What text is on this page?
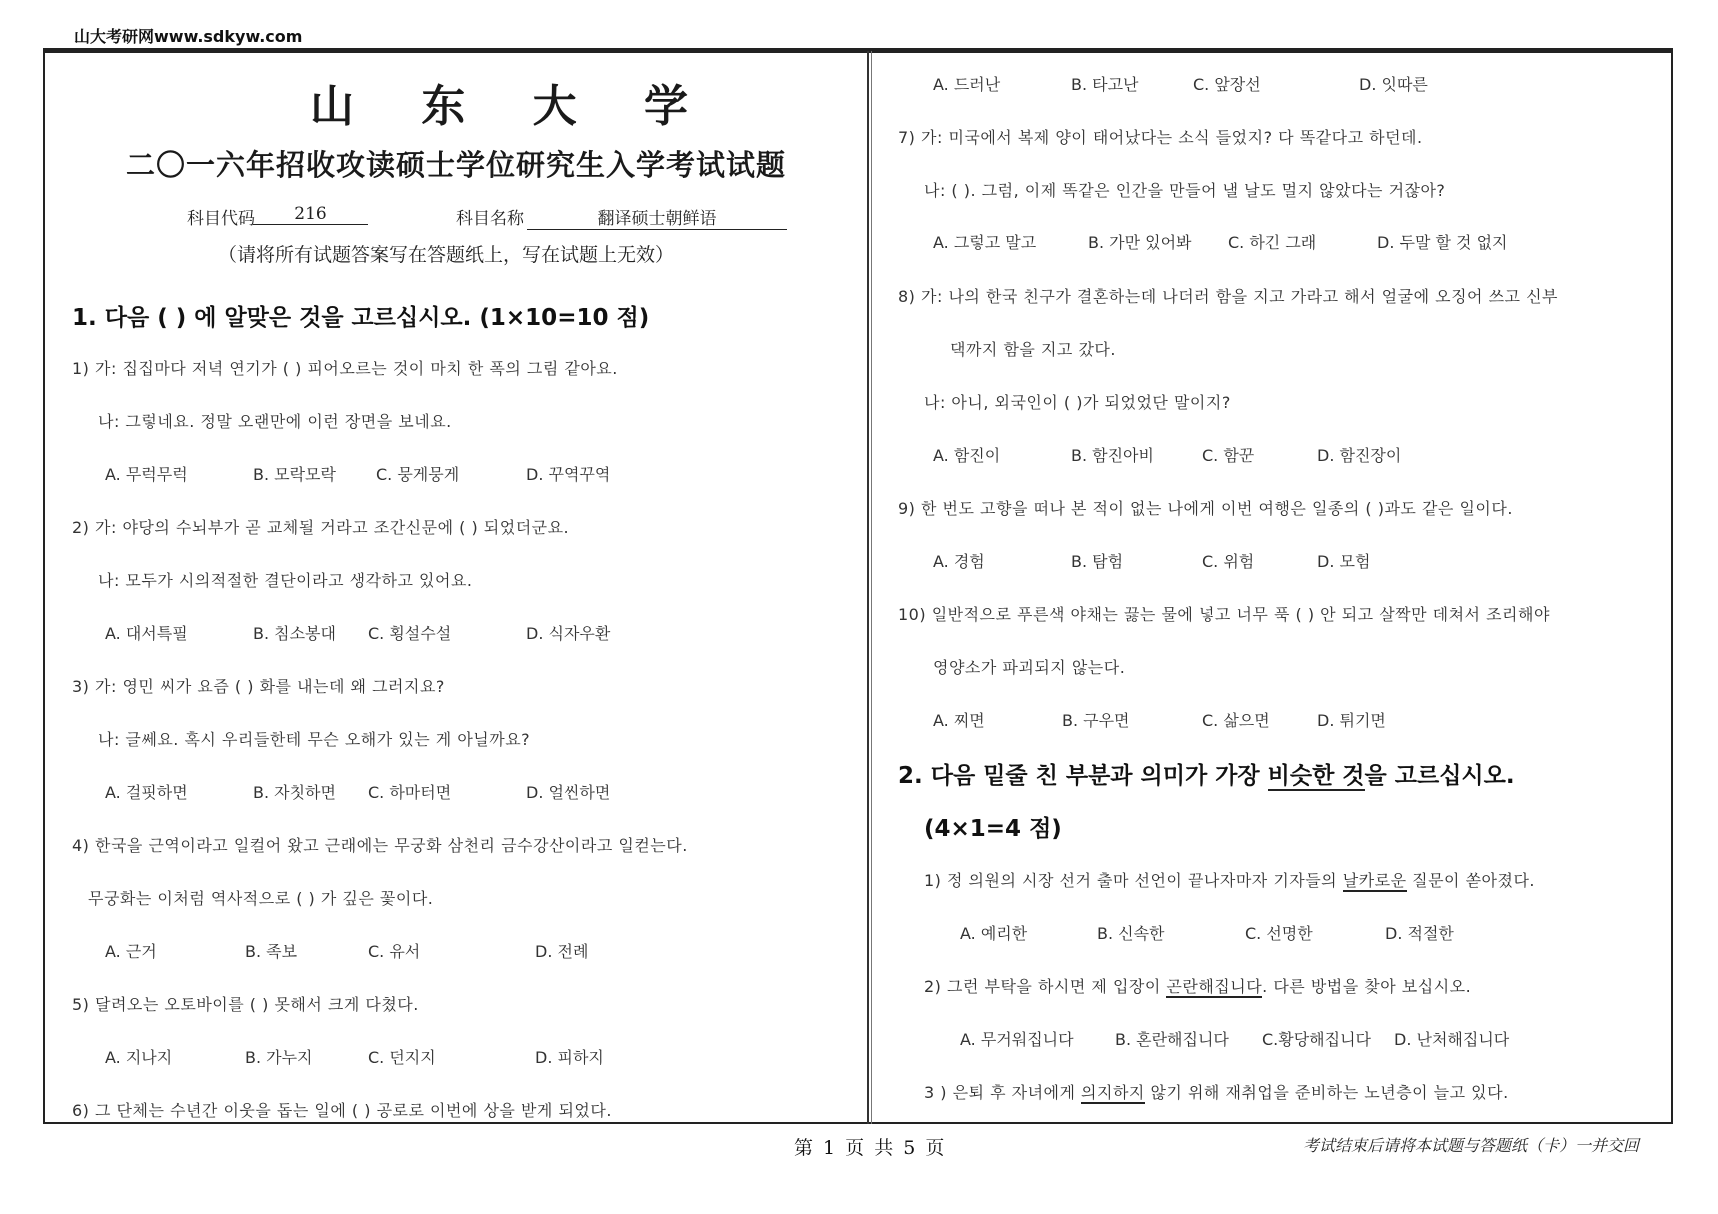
山大考研网www.sdkyw.com
山 东 大 学
二〇一六年招收攻读硕士学位研究生入学考试试题
科目代码	216	科目名称	翻译硕士朝鲜语
（请将所有试题答案写在答题纸上，写在试题上无效）
1. 다음 ( ) 에 알맞은 것을 고르십시오. (1×10=10 점)
1) 가: 집집마다 저녁 연기가 ( ) 피어오르는 것이 마치 한 폭의 그림 같아요.
나: 그렇네요. 정말 오랜만에 이런 장면을 보네요.
A. 무럭무럭	B. 모락모락	C. 뭉게뭉게	D. 꾸역꾸역
2) 가: 야당의 수뇌부가 곧 교체될 거라고 조간신문에 ( ) 되었더군요.
나: 모두가 시의적절한 결단이라고 생각하고 있어요.
A. 대서특필	B. 침소봉대 C. 횡설수설	D. 식자우환
3) 가: 영민 씨가 요즘 ( ) 화를 내는데 왜 그러지요?
나: 글쎄요. 혹시 우리들한테 무슨 오해가 있는 게 아닐까요?
A. 걸핏하면	B. 자칫하면 C. 하마터면	D. 얼씬하면
4) 한국을 근역이라고 일컬어 왔고 근래에는 무궁화 삼천리 금수강산이라고 일컫는다.
무궁화는 이처럼 역사적으로 ( ) 가 깊은 꽃이다.
A. 근거	B. 족보	C. 유서	D. 전례
5) 달려오는 오토바이를 ( ) 못해서 크게 다쳤다.
A. 지나지	B. 가누지	C. 던지지	D. 피하지
6) 그 단체는 수년간 이웃을 돕는 일에 ( ) 공로로 이번에 상을 받게 되었다.
A. 드러난	B. 타고난	C. 앞장선	D. 잇따른
7) 가: 미국에서 복제 양이 태어났다는 소식 들었지? 다 똑같다고 하던데.
나: ( ). 그럼, 이제 똑같은 인간을 만들어 낼 날도 멀지 않았다는 거잖아?
A. 그렇고 말고	B. 가만 있어봐 C. 하긴 그래	D. 두말 할 것 없지
8) 가: 나의 한국 친구가 결혼하는데 나더러 함을 지고 가라고 해서 얼굴에 오징어 쓰고 신부
댁까지 함을 지고 갔다.
나: 아니, 외국인이 ( )가 되었었단 말이지?
A. 함진이	B. 함진아비	C. 함꾼	D. 함진장이
9) 한 번도 고향을 떠나 본 적이 없는 나에게 이번 여행은 일종의 ( )과도 같은 일이다.
A. 경험	B. 탐험	C. 위험	D. 모험
10) 일반적으로 푸른색 야채는 끓는 물에 넣고 너무 푹 ( ) 안 되고 살짝만 데쳐서 조리해야
영양소가 파괴되지 않는다.
A. 찌면	B. 구우면	C. 삶으면	D. 튀기면
2. 다음 밑줄 친 부분과 의미가 가장 비슷한 것을 고르십시오.
(4×1=4 점)
1) 정 의원의 시장 선거 출마 선언이 끝나자마자 기자들의 날카로운 질문이 쏟아졌다.
A. 예리한	B. 신속한	C. 선명한	D. 적절한
2) 그런 부탁을 하시면 제 입장이 곤란해집니다. 다른 방법을 찾아 보십시오.
A. 무거워집니다	B. 혼란해집니다 C.황당해집니다 D. 난처해집니다
3 ) 은퇴 후 자녀에게 의지하지 않기 위해 재취업을 준비하는 노년층이 늘고 있다.
第 1 页 共 5 页	考试结束后请将本试题与答题纸（卡）一并交回
